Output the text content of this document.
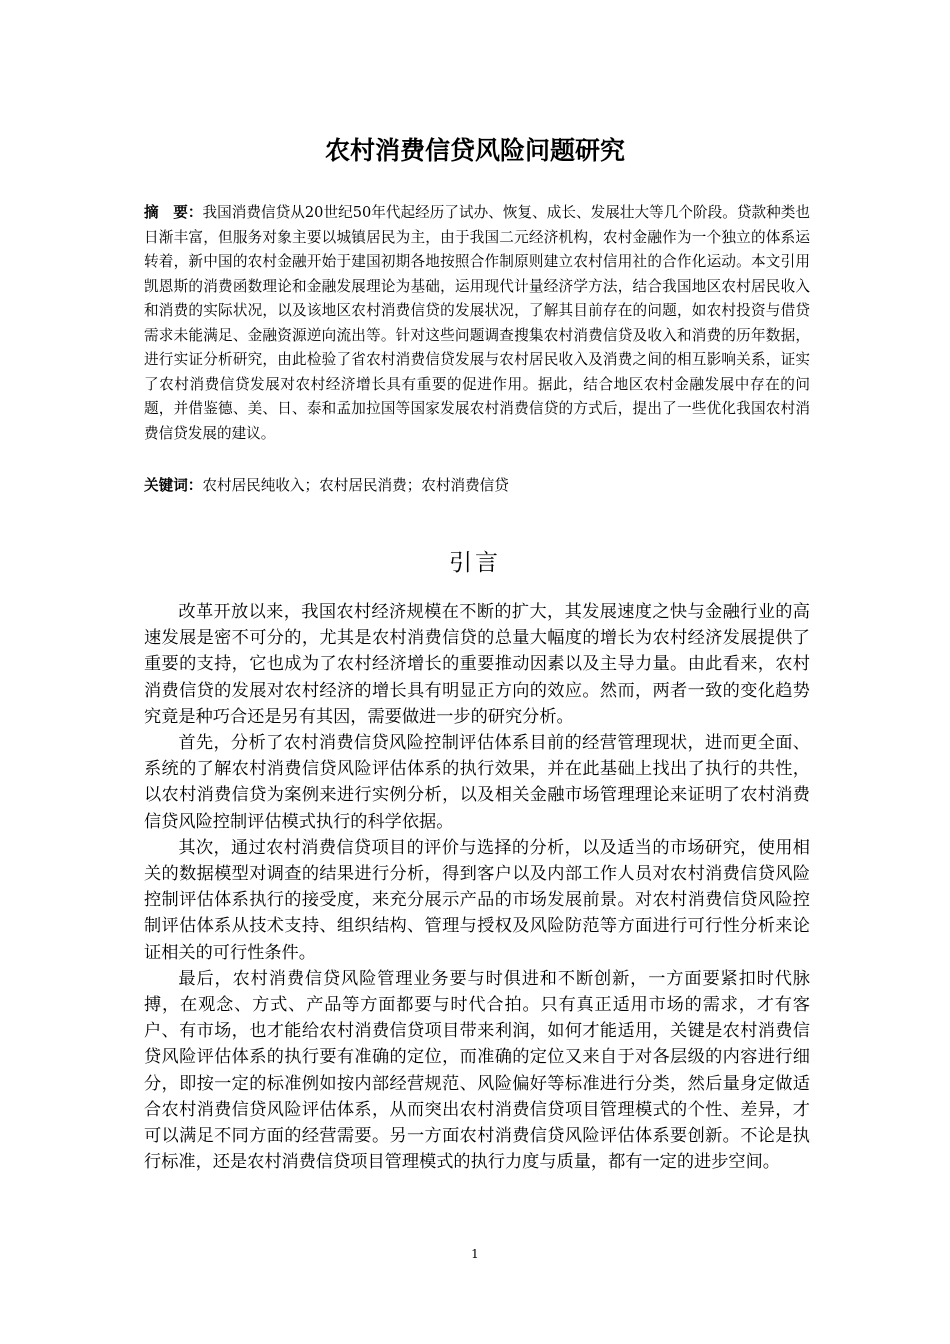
农村消费信贷风险问题研究

摘　要：我国消费信贷从20世纪50年代起经历了试办、恢复、成长、发展壮大等几个阶段。贷款种类也日渐丰富，但服务对象主要以城镇居民为主，由于我国二元经济机构，农村金融作为一个独立的体系运转着，新中国的农村金融开始于建国初期各地按照合作制原则建立农村信用社的合作化运动。本文引用凯恩斯的消费函数理论和金融发展理论为基础，运用现代计量经济学方法，结合我国地区农村居民收入和消费的实际状况，以及该地区农村消费信贷的发展状况，了解其目前存在的问题，如农村投资与借贷需求未能满足、金融资源逆向流出等。针对这些问题调查搜集农村消费信贷及收入和消费的历年数据，进行实证分析研究，由此检验了省农村消费信贷发展与农村居民收入及消费之间的相互影响关系，证实了农村消费信贷发展对农村经济增长具有重要的促进作用。据此，结合地区农村金融发展中存在的问题，并借鉴德、美、日、泰和孟加拉国等国家发展农村消费信贷的方式后，提出了一些优化我国农村消费信贷发展的建议。

关键词：农村居民纯收入；农村居民消费；农村消费信贷

引言

改革开放以来，我国农村经济规模在不断的扩大，其发展速度之快与金融行业的高速发展是密不可分的，尤其是农村消费信贷的总量大幅度的增长为农村经济发展提供了重要的支持，它也成为了农村经济增长的重要推动因素以及主导力量。由此看来，农村消费信贷的发展对农村经济的增长具有明显正方向的效应。然而，两者一致的变化趋势究竟是种巧合还是另有其因，需要做进一步的研究分析。

首先，分析了农村消费信贷风险控制评估体系目前的经营管理现状，进而更全面、系统的了解农村消费信贷风险评估体系的执行效果，并在此基础上找出了执行的共性，以农村消费信贷为案例来进行实例分析，以及相关金融市场管理理论来证明了农村消费信贷风险控制评估模式执行的科学依据。

其次，通过农村消费信贷项目的评价与选择的分析，以及适当的市场研究，使用相关的数据模型对调查的结果进行分析，得到客户以及内部工作人员对农村消费信贷风险控制评估体系执行的接受度，来充分展示产品的市场发展前景。对农村消费信贷风险控制评估体系从技术支持、组织结构、管理与授权及风险防范等方面进行可行性分析来论证相关的可行性条件。

最后，农村消费信贷风险管理业务要与时俱进和不断创新，一方面要紧扣时代脉搏，在观念、方式、产品等方面都要与时代合拍。只有真正适用市场的需求，才有客户、有市场，也才能给农村消费信贷项目带来利润，如何才能适用，关键是农村消费信贷风险评估体系的执行要有准确的定位，而准确的定位又来自于对各层级的内容进行细分，即按一定的标准例如按内部经营规范、风险偏好等标准进行分类，然后量身定做适合农村消费信贷风险评估体系，从而突出农村消费信贷项目管理模式的个性、差异，才可以满足不同方面的经营需要。另一方面农村消费信贷风险评估体系要创新。不论是执行标准，还是农村消费信贷项目管理模式的执行力度与质量，都有一定的进步空间。

1
